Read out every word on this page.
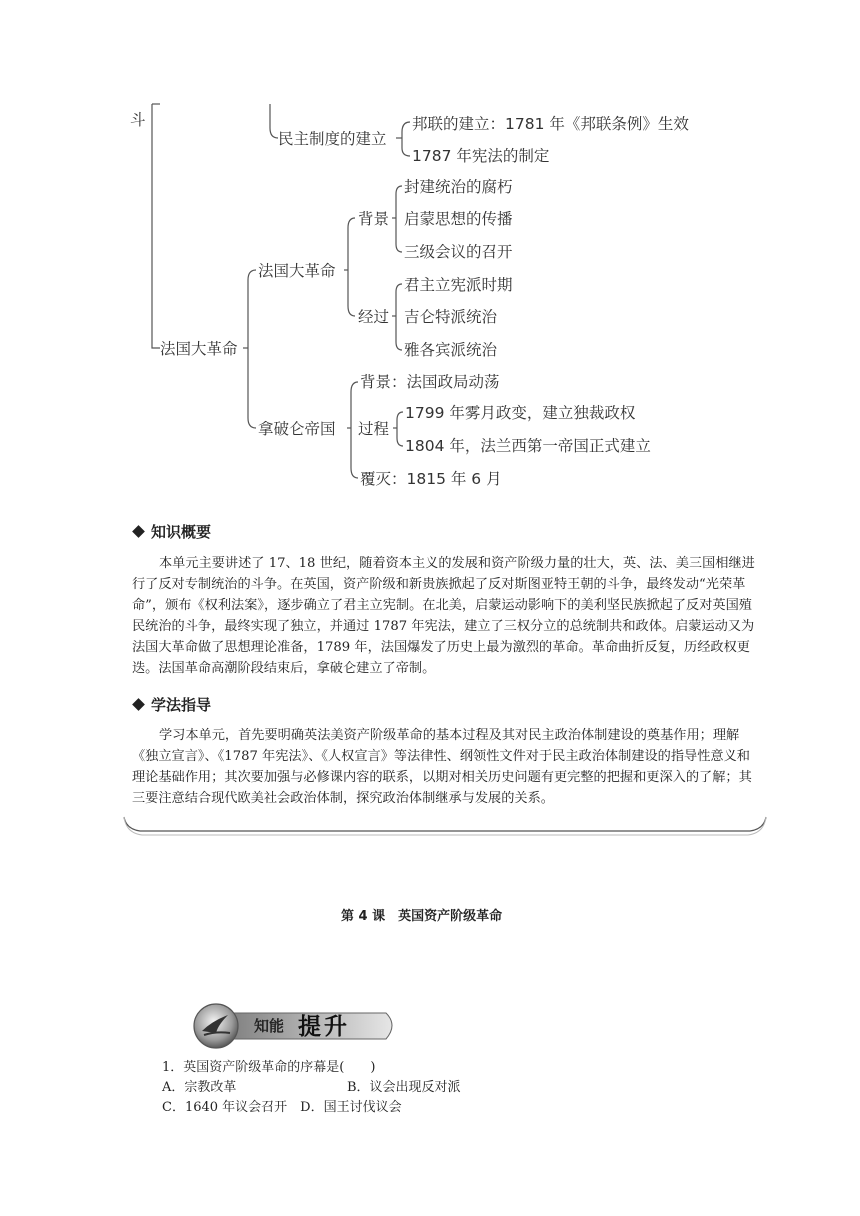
斗
民主制度的建立
邦联的建立：1781 年《邦联条例》生效
1787 年宪法的制定
法国大革命
法国大革命
背景
封建统治的腐朽
启蒙思想的传播
三级会议的召开
经过
君主立宪派时期
吉仑特派统治
雅各宾派统治
拿破仑帝国
背景：法国政局动荡
过程
1799 年雾月政变，建立独裁政权
1804 年，法兰西第一帝国正式建立
覆灭：1815 年 6 月
知识概要
本单元主要讲述了 17、18 世纪，随着资本主义的发展和资产阶级力量的壮大，英、法、美三国相继进行了反对专制统治的斗争。在英国，资产阶级和新贵族掀起了反对斯图亚特王朝的斗争，最终发动“光荣革命”，颁布《权利法案》，逐步确立了君主立宪制。在北美，启蒙运动影响下的美利坚民族掀起了反对英国殖民统治的斗争，最终实现了独立，并通过 1787 年宪法，建立了三权分立的总统制共和政体。启蒙运动又为法国大革命做了思想理论准备，1789 年，法国爆发了历史上最为激烈的革命。革命曲折反复，历经政权更迭。法国革命高潮阶段结束后，拿破仑建立了帝制。
学法指导
学习本单元，首先要明确英法美资产阶级革命的基本过程及其对民主政治体制建设的奠基作用；理解《独立宣言》、《1787 年宪法》、《人权宣言》等法律性、纲领性文件对于民主政治体制建设的指导性意义和理论基础作用；其次要加强与必修课内容的联系，以期对相关历史问题有更完整的把握和更深入的了解；其三要注意结合现代欧美社会政治体制，探究政治体制继承与发展的关系。
第 4 课　英国资产阶级革命
知能 提升
1．英国资产阶级革命的序幕是(　　)
A．宗教改革	B．议会出现反对派
C．1640 年议会召开　D．国王讨伐议会
